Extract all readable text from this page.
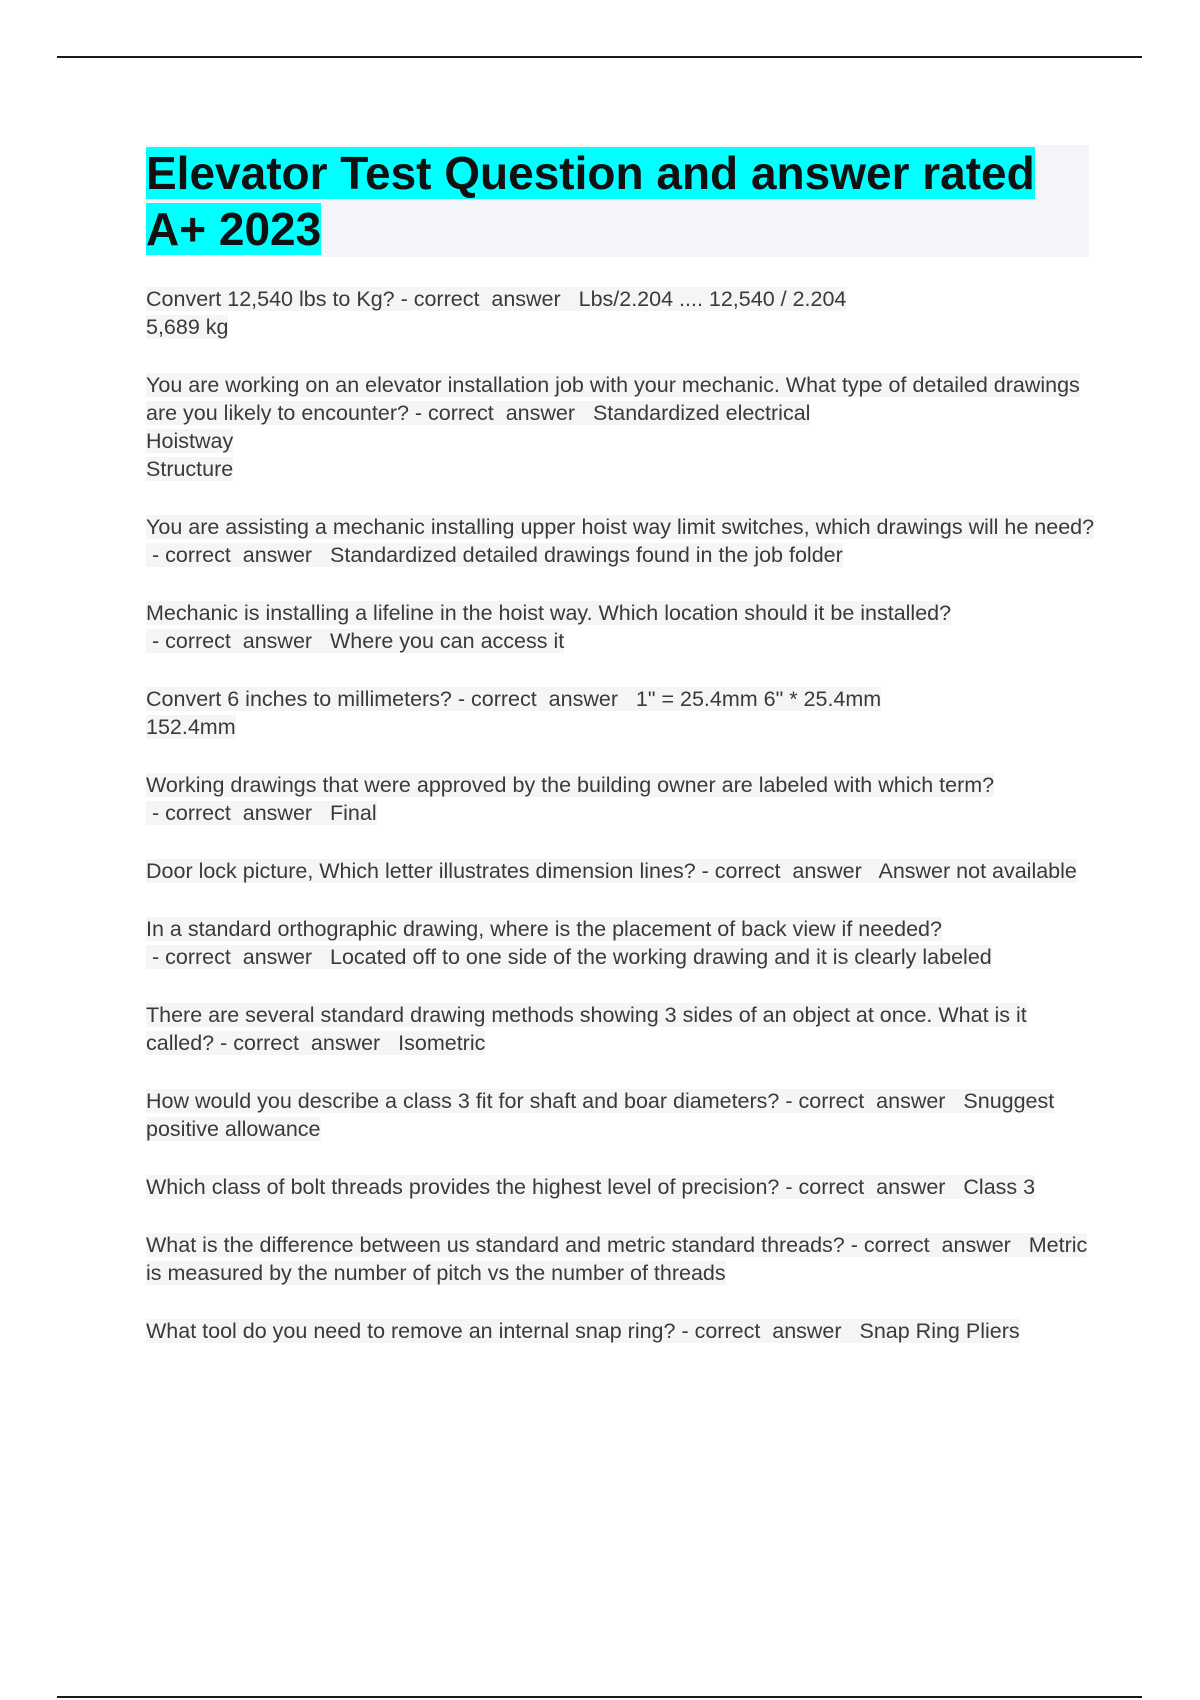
Elevator Test Question and answer rated A+ 2023

Convert 12,540 lbs to Kg? - correct  answer   Lbs/2.204 .... 12,540 / 2.204
5,689 kg

You are working on an elevator installation job with your mechanic. What type of detailed drawings are you likely to encounter? - correct  answer   Standardized electrical
Hoistway
Structure

You are assisting a mechanic installing upper hoist way limit switches, which drawings will he need? - correct  answer   Standardized detailed drawings found in the job folder

Mechanic is installing a lifeline in the hoist way. Which location should it be installed? - correct  answer   Where you can access it

Convert 6 inches to millimeters? - correct  answer   1" = 25.4mm 6" * 25.4mm
152.4mm

Working drawings that were approved by the building owner are labeled with which term? - correct  answer   Final

Door lock picture, Which letter illustrates dimension lines? - correct  answer   Answer not available

In a standard orthographic drawing, where is the placement of back view if needed? - correct  answer   Located off to one side of the working drawing and it is clearly labeled

There are several standard drawing methods showing 3 sides of an object at once. What is it called? - correct  answer   Isometric

How would you describe a class 3 fit for shaft and boar diameters? - correct  answer   Snuggest positive allowance

Which class of bolt threads provides the highest level of precision? - correct  answer   Class 3

What is the difference between us standard and metric standard threads? - correct  answer   Metric is measured by the number of pitch vs the number of threads

What tool do you need to remove an internal snap ring? - correct  answer   Snap Ring Pliers
